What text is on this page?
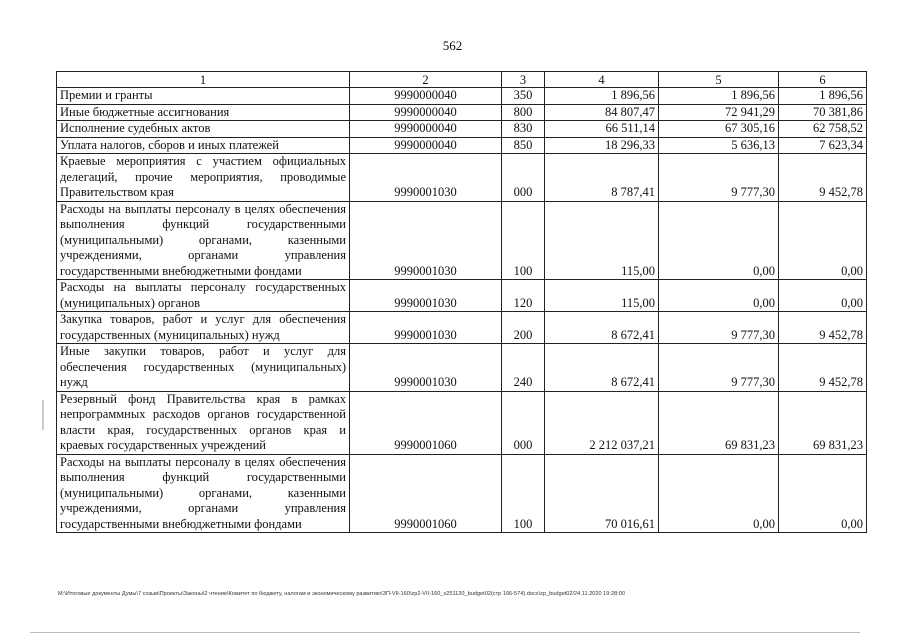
562
1	2	3	4	5	6
Премии и гранты	9990000040	350	1 896,56	1 896,56	1 896,56
Иные бюджетные ассигнования	9990000040	800	84 807,47	72 941,29	70 381,86
Исполнение судебных актов	9990000040	830	66 511,14	67 305,16	62 758,52
Уплата налогов, сборов и иных платежей	9990000040	850	18 296,33	5 636,13	7 623,34
Краевые мероприятия с участием официальных делегаций, прочие мероприятия, проводимые Правительством края	9990001030	000	8 787,41	9 777,30	9 452,78
Расходы на выплаты персоналу в целях обеспечения выполнения функций государственными (муниципальными) органами, казенными учреждениями, органами управления государственными внебюджетными фондами	9990001030	100	115,00	0,00	0,00
Расходы на выплаты персоналу государственных (муниципальных) органов	9990001030	120	115,00	0,00	0,00
Закупка товаров, работ и услуг для обеспечения государственных (муниципальных) нужд	9990001030	200	8 672,41	9 777,30	9 452,78
Иные закупки товаров, работ и услуг для обеспечения государственных (муниципальных) нужд	9990001030	240	8 672,41	9 777,30	9 452,78
Резервный фонд Правительства края в рамках непрограммных расходов органов государственной власти края, государственных органов края и краевых государственных учреждений	9990001060	000	2 212 037,21	69 831,23	69 831,23
Расходы на выплаты персоналу в целях обеспечения выполнения функций государственными (муниципальными) органами, казенными учреждениями, органами управления государственными внебюджетными фондами	9990001060	100	70 016,61	0,00	0,00
М:\Итоговые документы Думы\7 созыв\Проекты\Законы\2 чтение\Комитет по бюджету, налогам и экономическому развитию\ЗП-VII-160\zp2-VII-160_v251120_budget02(стр 166-574).docx\zp_budget02/24.11.2020 19:28:00
